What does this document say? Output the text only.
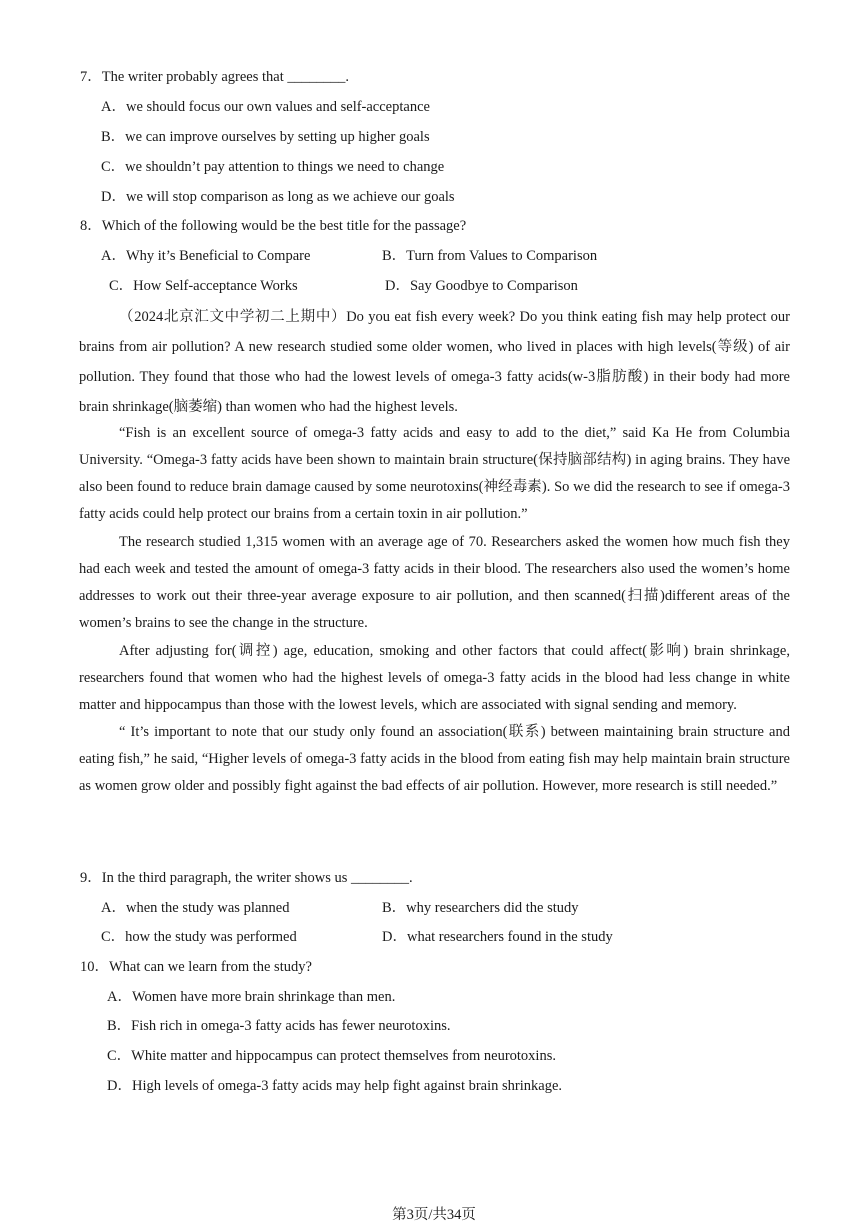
7．The writer probably agrees that ________.
A．we should focus our own values and self-acceptance
B．we can improve ourselves by setting up higher goals
C．we shouldn’t pay attention to things we need to change
D．we will stop comparison as long as we achieve our goals
8．Which of the following would be the best title for the passage?
A．Why it’s Beneficial to Compare	B．Turn from Values to Comparison
C．How Self-acceptance Works	D．Say Goodbye to Comparison

（2024北京汇文中学初二上期中）Do you eat fish every week? Do you think eating fish may help protect our brains from air pollution? A new research studied some older women, who lived in places with high levels(等级) of air pollution. They found that those who had the lowest levels of omega-3 fatty acids(w-3脂肪酸) in their body had more brain shrinkage(脑萎缩) than women who had the highest levels.

“Fish is an excellent source of omega-3 fatty acids and easy to add to the diet,” said Ka He from Columbia University. “Omega-3 fatty acids have been shown to maintain brain structure(保持脑部结构) in aging brains. They have also been found to reduce brain damage caused by some neurotoxins(神经毒素). So we did the research to see if omega-3 fatty acids could help protect our brains from a certain toxin in air pollution.”

The research studied 1,315 women with an average age of 70. Researchers asked the women how much fish they had each week and tested the amount of omega-3 fatty acids in their blood. The researchers also used the women’s home addresses to work out their three-year average exposure to air pollution, and then scanned(扫描)different areas of the women’s brains to see the change in the structure.

After adjusting for(调控) age, education, smoking and other factors that could affect(影响) brain shrinkage, researchers found that women who had the highest levels of omega-3 fatty acids in the blood had less change in white matter and hippocampus than those with the lowest levels, which are associated with signal sending and memory.

“ It’s important to note that our study only found an association(联系) between maintaining brain structure and eating fish,” he said, “Higher levels of omega-3 fatty acids in the blood from eating fish may help maintain brain structure as women grow older and possibly fight against the bad effects of air pollution. However, more research is still needed.”

9．In the third paragraph, the writer shows us ________.
A．when the study was planned	B．why researchers did the study
C．how the study was performed	D．what researchers found in the study
10．What can we learn from the study?
A．Women have more brain shrinkage than men.
B．Fish rich in omega-3 fatty acids has fewer neurotoxins.
C．White matter and hippocampus can protect themselves from neurotoxins.
D．High levels of omega-3 fatty acids may help fight against brain shrinkage.
第3页/共34页
